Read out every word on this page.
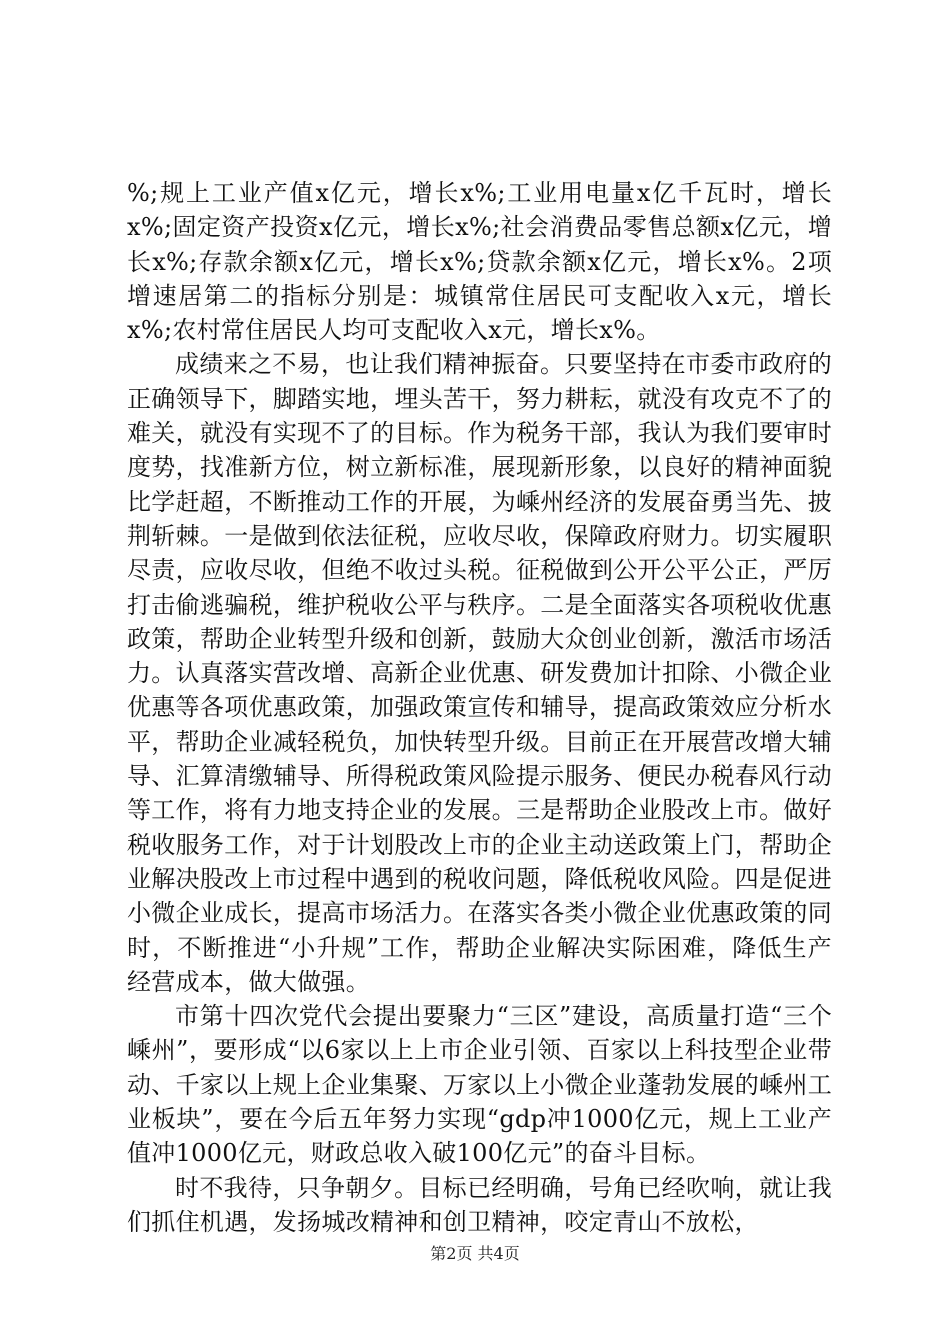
%;规上工业产值x亿元，增长x%;工业用电量x亿千瓦时，增长x%;固定资产投资x亿元，增长x%;社会消费品零售总额x亿元，增长x%;存款余额x亿元，增长x%;贷款余额x亿元，增长x%。2项增速居第二的指标分别是：城镇常住居民可支配收入x元，增长x%;农村常住居民人均可支配收入x元，增长x%。

成绩来之不易，也让我们精神振奋。只要坚持在市委市政府的正确领导下，脚踏实地，埋头苦干，努力耕耘，就没有攻克不了的难关，就没有实现不了的目标。作为税务干部，我认为我们要审时度势，找准新方位，树立新标准，展现新形象，以良好的精神面貌比学赶超，不断推动工作的开展，为嵊州经济的发展奋勇当先、披荆斩棘。一是做到依法征税，应收尽收，保障政府财力。切实履职尽责，应收尽收，但绝不收过头税。征税做到公开公平公正，严厉打击偷逃骗税，维护税收公平与秩序。二是全面落实各项税收优惠政策，帮助企业转型升级和创新，鼓励大众创业创新，激活市场活力。认真落实营改增、高新企业优惠、研发费加计扣除、小微企业优惠等各项优惠政策，加强政策宣传和辅导，提高政策效应分析水平，帮助企业减轻税负，加快转型升级。目前正在开展营改增大辅导、汇算清缴辅导、所得税政策风险提示服务、便民办税春风行动等工作，将有力地支持企业的发展。三是帮助企业股改上市。做好税收服务工作，对于计划股改上市的企业主动送政策上门，帮助企业解决股改上市过程中遇到的税收问题，降低税收风险。四是促进小微企业成长，提高市场活力。在落实各类小微企业优惠政策的同时，不断推进“小升规”工作，帮助企业解决实际困难，降低生产经营成本，做大做强。

市第十四次党代会提出要聚力“三区”建设，高质量打造“三个嵊州”，要形成“以6家以上上市企业引领、百家以上科技型企业带动、千家以上规上企业集聚、万家以上小微企业蓬勃发展的嵊州工业板块”，要在今后五年努力实现“gdp冲1000亿元，规上工业产值冲1000亿元，财政总收入破100亿元”的奋斗目标。

时不我待，只争朝夕。目标已经明确，号角已经吹响，就让我们抓住机遇，发扬城改精神和创卫精神，咬定青山不放松，

第2页 共4页
